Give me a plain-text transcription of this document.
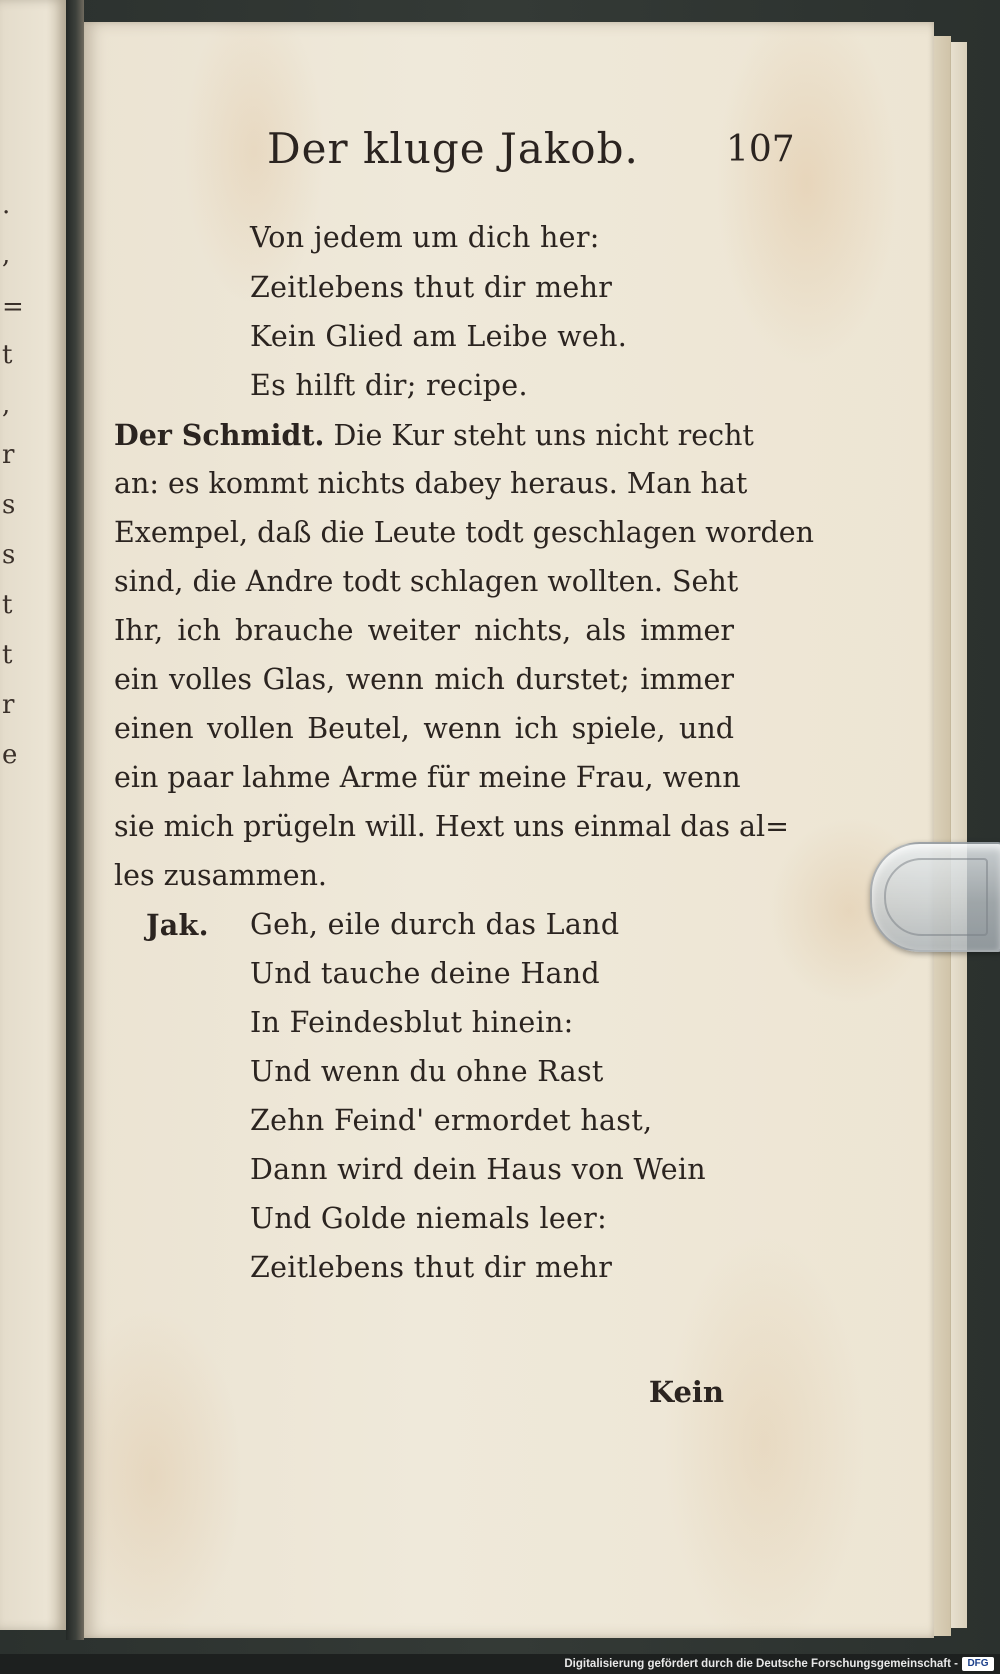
.
,
=
t
,
r
s
s
t
t
r
e

Der kluge Jakob. 107

Von jedem um dich her:

Zeitlebens thut dir mehr

Kein Glied am Leibe weh.

Es hilft dir; recipe.

Der Schmidt. Die Kur steht uns nicht recht

an: es kommt nichts dabey heraus. Man hat

Exempel, daß die Leute todt geschlagen worden

sind, die Andre todt schlagen wollten. Seht

Ihr, ich brauche weiter nichts, als immer

ein volles Glas, wenn mich durstet; immer

einen vollen Beutel, wenn ich spiele, und

ein paar lahme Arme für meine Frau, wenn

sie mich prügeln will. Hext uns einmal das al=

les zusammen.

Jak. Geh, eile durch das Land

Und tauche deine Hand

In Feindesblut hinein:

Und wenn du ohne Rast

Zehn Feind' ermordet hast,

Dann wird dein Haus von Wein

Und Golde niemals leer:

Zeitlebens thut dir mehr

Kein

Digitalisierung gefördert durch die Deutsche Forschungsgemeinschaft - DFG
